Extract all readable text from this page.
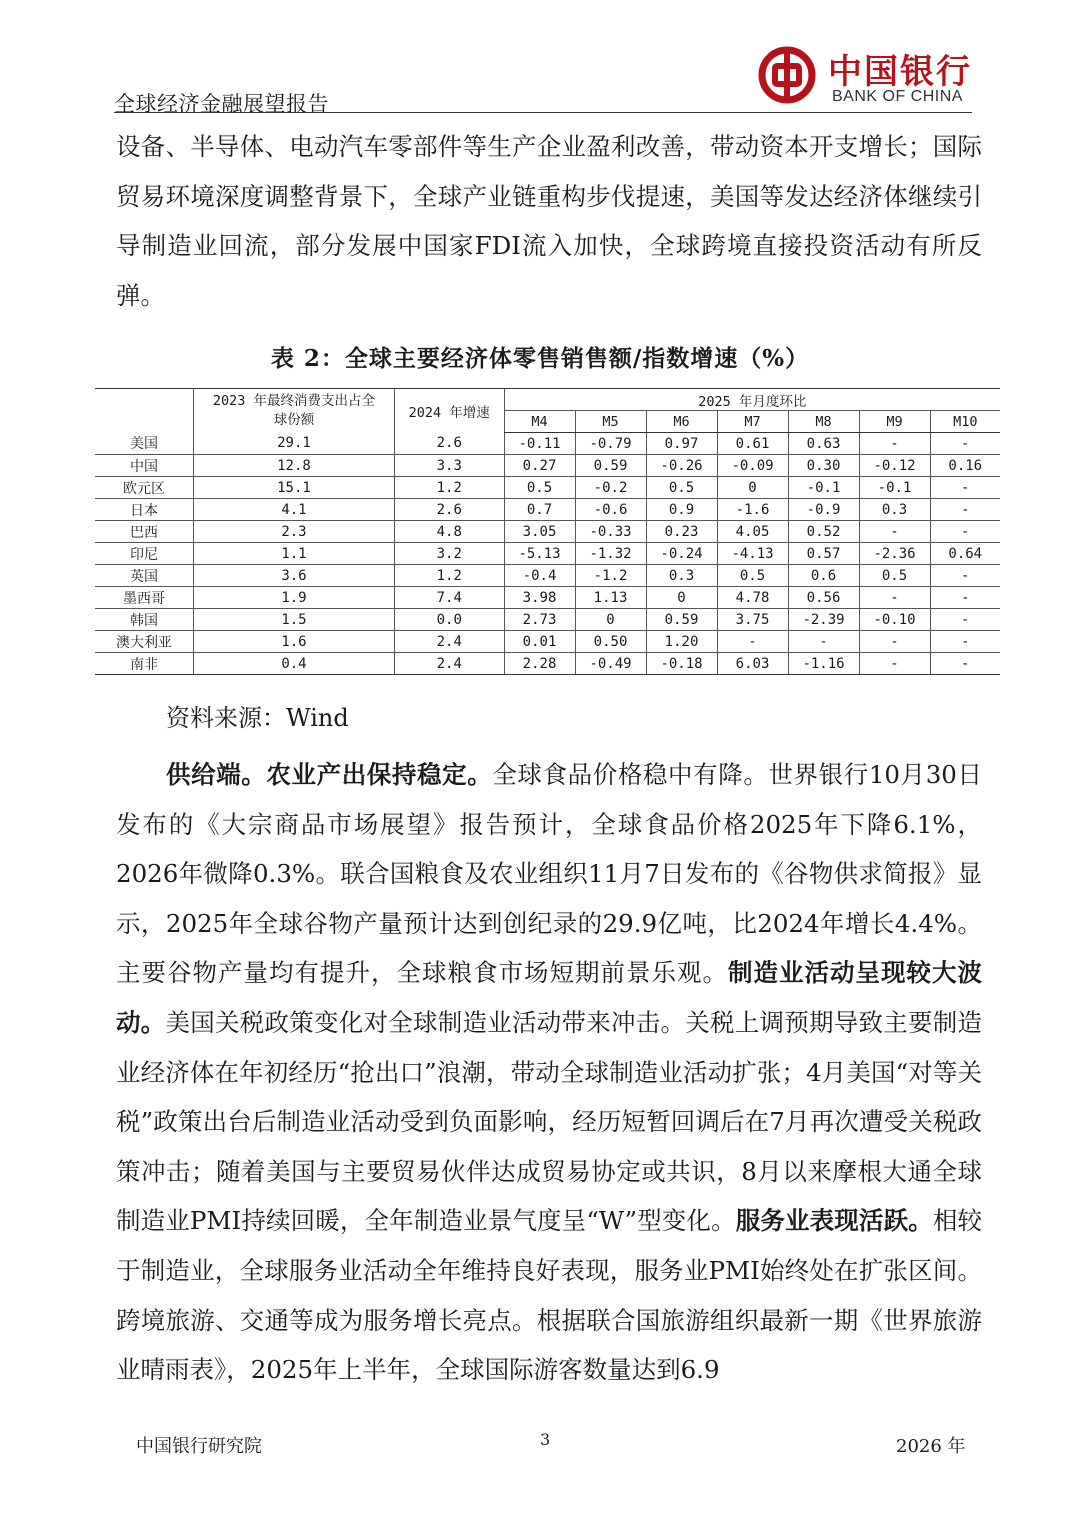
全球经济金融展望报告
中国银行
BANK OF CHINA
设备、半导体、电动汽车零部件等生产企业盈利改善，带动资本开支增长；国际贸易环境深度调整背景下，全球产业链重构步伐提速，美国等发达经济体继续引导制造业回流，部分发展中国家FDI流入加快，全球跨境直接投资活动有所反弹。
表 2：全球主要经济体零售销售额/指数增速（%）
	2023 年最终消费支出占全球份额	2024 年增速	2025 年月度环比						
			M4	M5	M6	M7	M8	M9	M10
美国	29.1	2.6	-0.11	-0.79	0.97	0.61	0.63	-	-
中国	12.8	3.3	0.27	0.59	-0.26	-0.09	0.30	-0.12	0.16
欧元区	15.1	1.2	0.5	-0.2	0.5	0	-0.1	-0.1	-
日本	4.1	2.6	0.7	-0.6	0.9	-1.6	-0.9	0.3	-
巴西	2.3	4.8	3.05	-0.33	0.23	4.05	0.52	-	-
印尼	1.1	3.2	-5.13	-1.32	-0.24	-4.13	0.57	-2.36	0.64
英国	3.6	1.2	-0.4	-1.2	0.3	0.5	0.6	0.5	-
墨西哥	1.9	7.4	3.98	1.13	0	4.78	0.56	-	-
韩国	1.5	0.0	2.73	0	0.59	3.75	-2.39	-0.10	-
澳大利亚	1.6	2.4	0.01	0.50	1.20	-	-	-	-
南非	0.4	2.4	2.28	-0.49	-0.18	6.03	-1.16	-	-
资料来源：Wind
供给端。农业产出保持稳定。全球食品价格稳中有降。世界银行10月30日发布的《大宗商品市场展望》报告预计，全球食品价格2025年下降6.1%，2026年微降0.3%。联合国粮食及农业组织11月7日发布的《谷物供求简报》显示，2025年全球谷物产量预计达到创纪录的29.9亿吨，比2024年增长4.4%。主要谷物产量均有提升，全球粮食市场短期前景乐观。制造业活动呈现较大波动。美国关税政策变化对全球制造业活动带来冲击。关税上调预期导致主要制造业经济体在年初经历“抢出口”浪潮，带动全球制造业活动扩张；4月美国“对等关税”政策出台后制造业活动受到负面影响，经历短暂回调后在7月再次遭受关税政策冲击；随着美国与主要贸易伙伴达成贸易协定或共识，8月以来摩根大通全球制造业PMI持续回暖，全年制造业景气度呈“W”型变化。服务业表现活跃。相较于制造业，全球服务业活动全年维持良好表现，服务业PMI始终处在扩张区间。跨境旅游、交通等成为服务增长亮点。根据联合国旅游组织最新一期《世界旅游业晴雨表》，2025年上半年，全球国际游客数量达到6.9
中国银行研究院	3	2026 年
